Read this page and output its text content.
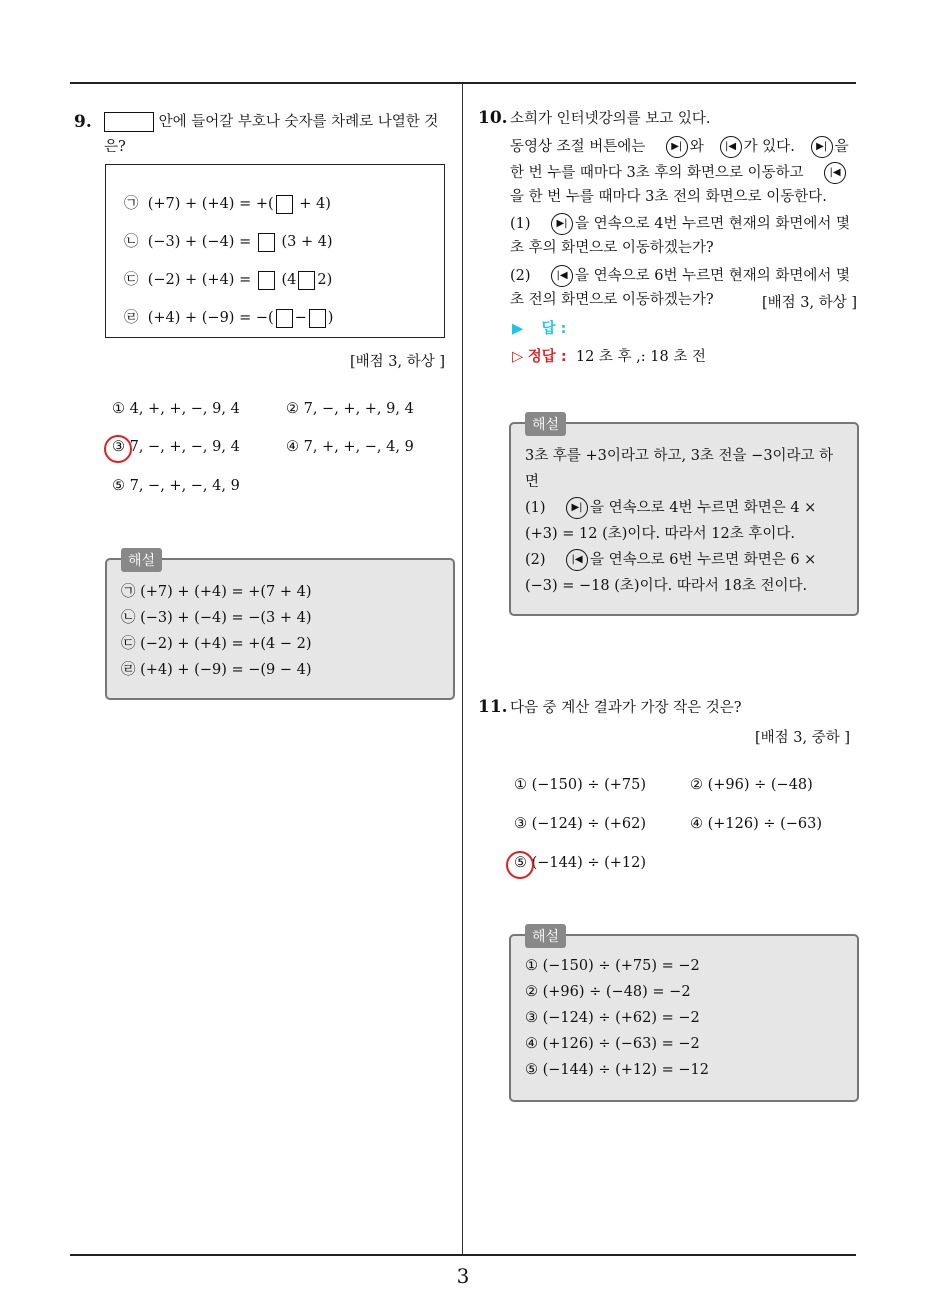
3
9.	안에 들어갈 부호나 숫자를 차례로 나열한 것
은?
㉠ (+7) + (+4) = +( + 4)
㉡ (−3) + (−4) = (3 + 4)
㉢ (−2) + (+4) = (4 2)
㉣ (+4) + (−9) = −( − )
[배점 3, 하상 ]
① 4, +, +, −, 9, 4	② 7, −, +, +, 9, 4
③ 7, −, +, −, 9, 4	④ 7, +, +, −, 4, 9
⑤ 7, −, +, −, 4, 9
해설
㉠ (+7) + (+4) = +(7 + 4)
㉡ (−3) + (−4) = −(3 + 4)
㉢ (−2) + (+4) = +(4 − 2)
㉣ (+4) + (−9) = −(9 − 4)
10. 소희가 인터넷강의를 보고 있다.
동영상 조절 버튼에는	▶| 와 |◀ 가 있다. ▶| 을
한 번 누를 때마다 3초 후의 화면으로 이동하고	|◀
을 한 번 누를 때마다 3초 전의 화면으로 이동한다.
(1)	▶| 을 연속으로 4번 누르면 현재의 화면에서 몇
초 후의 화면으로 이동하겠는가?
(2)	|◀ 을 연속으로 6번 누르면 현재의 화면에서 몇
초 전의 화면으로 이동하겠는가?	[배점 3, 하상 ]
▶ 답 :
▷ 정답 : 12 초 후 ,: 18 초 전
해설
3초 후를 +3이라고 하고, 3초 전을 −3이라고 하
면
(1)	▶| 을 연속으로 4번 누르면 화면은 4 ×
(+3) = 12 (초)이다. 따라서 12초 후이다.
(2)	|◀ 을 연속으로 6번 누르면 화면은 6 ×
(−3) = −18 (초)이다. 따라서 18초 전이다.
11. 다음 중 계산 결과가 가장 작은 것은?
[배점 3, 중하 ]
① (−150) ÷ (+75)	② (+96) ÷ (−48)
③ (−124) ÷ (+62)	④ (+126) ÷ (−63)
⑤ (−144) ÷ (+12)
해설
① (−150) ÷ (+75) = −2
② (+96) ÷ (−48) = −2
③ (−124) ÷ (+62) = −2
④ (+126) ÷ (−63) = −2
⑤ (−144) ÷ (+12) = −12
